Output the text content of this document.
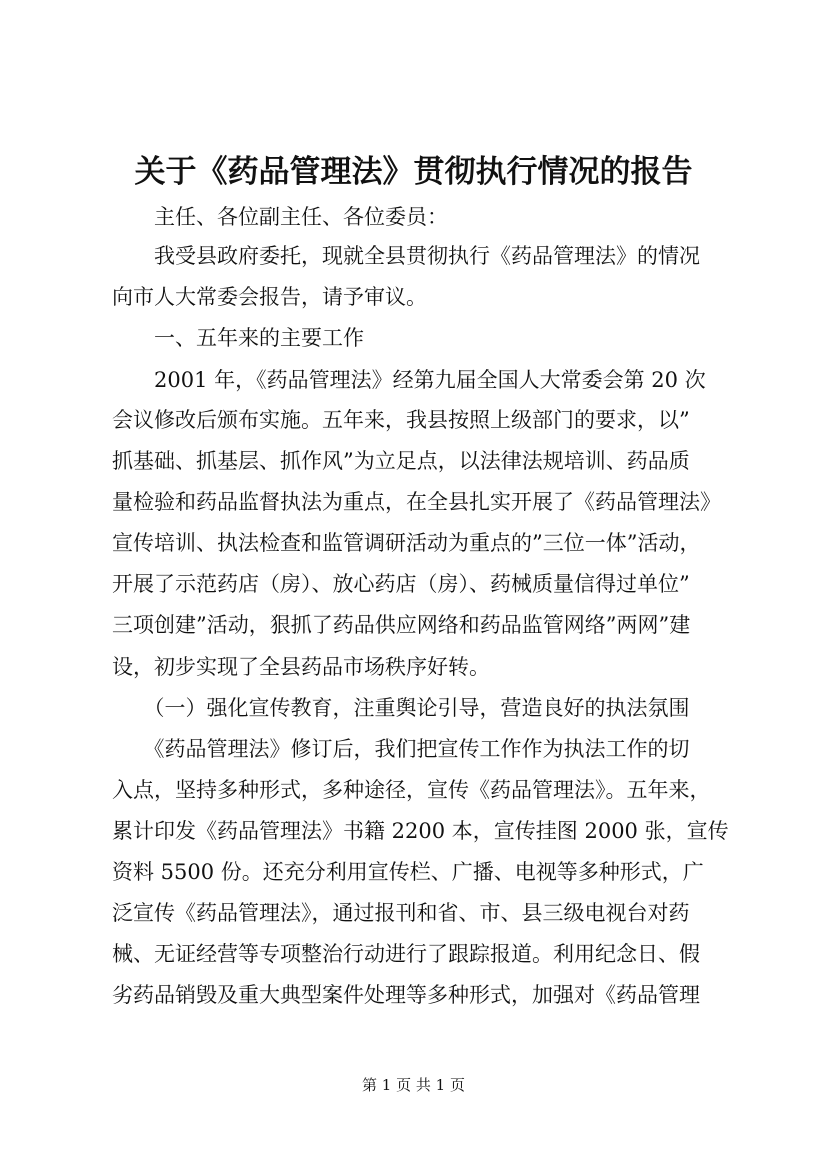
关于《药品管理法》贯彻执行情况的报告
　　主任、各位副主任、各位委员：
　　我受县政府委托，现就全县贯彻执行《药品管理法》的情况
向市人大常委会报告，请予审议。
　　一、五年来的主要工作
　　2001 年，《药品管理法》经第九届全国人大常委会第 20 次
会议修改后颁布实施。五年来，我县按照上级部门的要求，以”
抓基础、抓基层、抓作风”为立足点，以法律法规培训、药品质
量检验和药品监督执法为重点，在全县扎实开展了《药品管理法》
宣传培训、执法检查和监管调研活动为重点的”三位一体”活动，
开展了示范药店（房）、放心药店（房）、药械质量信得过单位”
三项创建”活动，狠抓了药品供应网络和药品监管网络”两网”建
设，初步实现了全县药品市场秩序好转。
　　（一）强化宣传教育，注重舆论引导，营造良好的执法氛围
　　《药品管理法》修订后，我们把宣传工作作为执法工作的切
入点，坚持多种形式，多种途径，宣传《药品管理法》。五年来，
累计印发《药品管理法》书籍 2200 本，宣传挂图 2000 张，宣传
资料 5500 份。还充分利用宣传栏、广播、电视等多种形式，广
泛宣传《药品管理法》，通过报刊和省、市、县三级电视台对药
械、无证经营等专项整治行动进行了跟踪报道。利用纪念日、假
劣药品销毁及重大典型案件处理等多种形式，加强对《药品管理
第 1 页 共 1 页
